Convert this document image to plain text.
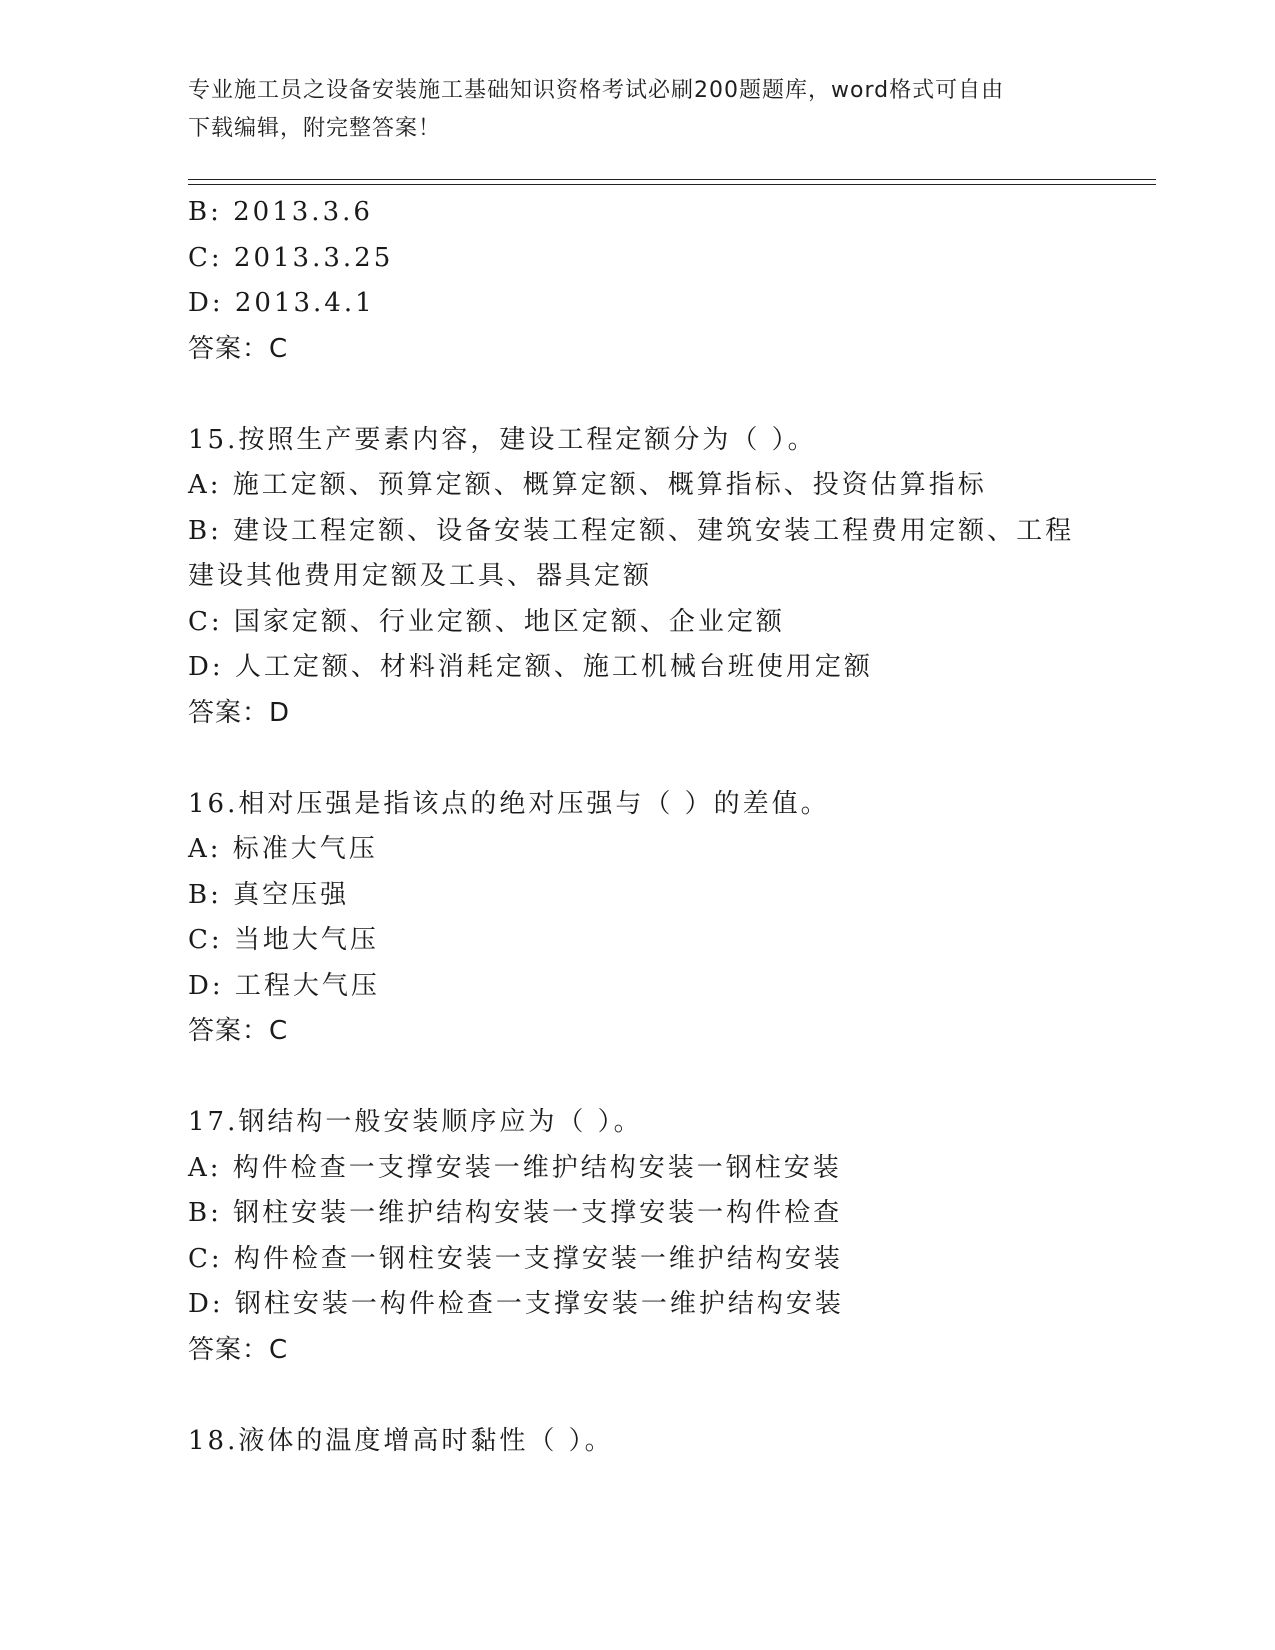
专业施工员之设备安装施工基础知识资格考试必刷200题题库，word格式可自由
下载编辑，附完整答案！
B: 2013.3.6
C: 2013.3.25
D: 2013.4.1
答案：C
15.按照生产要素内容，建设工程定额分为（ ）。
A: 施工定额、预算定额、概算定额、概算指标、投资估算指标
B: 建设工程定额、设备安装工程定额、建筑安装工程费用定额、工程
建设其他费用定额及工具、器具定额
C: 国家定额、行业定额、地区定额、企业定额
D: 人工定额、材料消耗定额、施工机械台班使用定额
答案：D
16.相对压强是指该点的绝对压强与（ ）的差值。
A: 标准大气压
B: 真空压强
C: 当地大气压
D: 工程大气压
答案：C
17.钢结构一般安装顺序应为（ ）。
A: 构件检查一支撑安装一维护结构安装一钢柱安装
B: 钢柱安装一维护结构安装一支撑安装一构件检查
C: 构件检查一钢柱安装一支撑安装一维护结构安装
D: 钢柱安装一构件检查一支撑安装一维护结构安装
答案：C
18.液体的温度增高时黏性（ ）。
